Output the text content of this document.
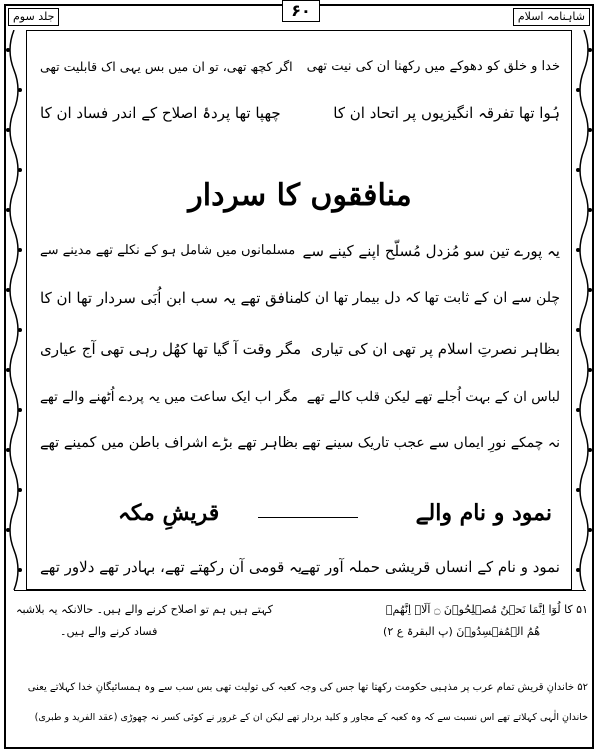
شاہنامہ اسلام
جلد سوم	۶۰
خدا و خلق کو دھوکے میں رکھنا ان کی نیت تھی
اگر کچھ تھی، تو ان میں بس یہی اک قابلیت تھی
ہُوا تھا تفرقہ انگیزیوں پر اتحاد ان کا
چھپا تھا پردۂ اصلاح کے اندر فساد ان کا
منافقوں کا سردار
یہ پورے تین سو مُزدل مُسلّح اپنے کینے سے
مسلمانوں میں شامل ہو کے نکلے تھے مدینے سے
چلن سے ان کے ثابت تھا کہ دل بیمار تھا ان کا
منافق تھے یہ سب ابن اُبَی سردار تھا ان کا
بظاہر نصرتِ اسلام پر تھی ان کی تیاری
مگر وقت آ گیا تھا کھُل رہی تھی آج عیاری
لباس ان کے بہت اُجلے تھے لیکن قلب کالے تھے
مگر اب ایک ساعت میں یہ پردے اُٹھنے والے تھے
نہ چمکے نورِ ایماں سے عجب تاریک سینے تھے
بظاہر تھے بڑے اشراف باطن میں کمینے تھے
نمود و نام والے
قریشِ مکہ
نمود و نام کے انساں قریشی حملہ آور تھے
یہ قومی آن رکھتے تھے، بہادر تھے دلاور تھے
۵۱ کا لُوٓا اِنَّمَا نَحۡنُ مُصۡلِحُوۡنَ ۝ اَلَاۤ اِنَّهُمۡ
کہتے ہیں ہم تو اصلاح کرنے والے ہیں۔ حالانکہ یہ بلاشبہ
هُمُ الۡمُفۡسِدُوۡنَ (پ البقرۃ ع ۲)
فساد کرنے والے ہیں۔
۵۲ خاندانِ قریش تمام عرب پر مذہبی حکومت رکھتا تھا جس کی وجہ کعبہ کی تولیت تھی بس سب سے وہ ہمسائیگانِ خدا کہلاتے یعنی
خاندانِ الٰہی کہلاتے تھے اس نسبت سے کہ وہ کعبہ کے مجاور و کلید بردار تھے لیکن ان کے غرور نے کوئی کسر نہ چھوڑی (عقد الفرید و طبری)
